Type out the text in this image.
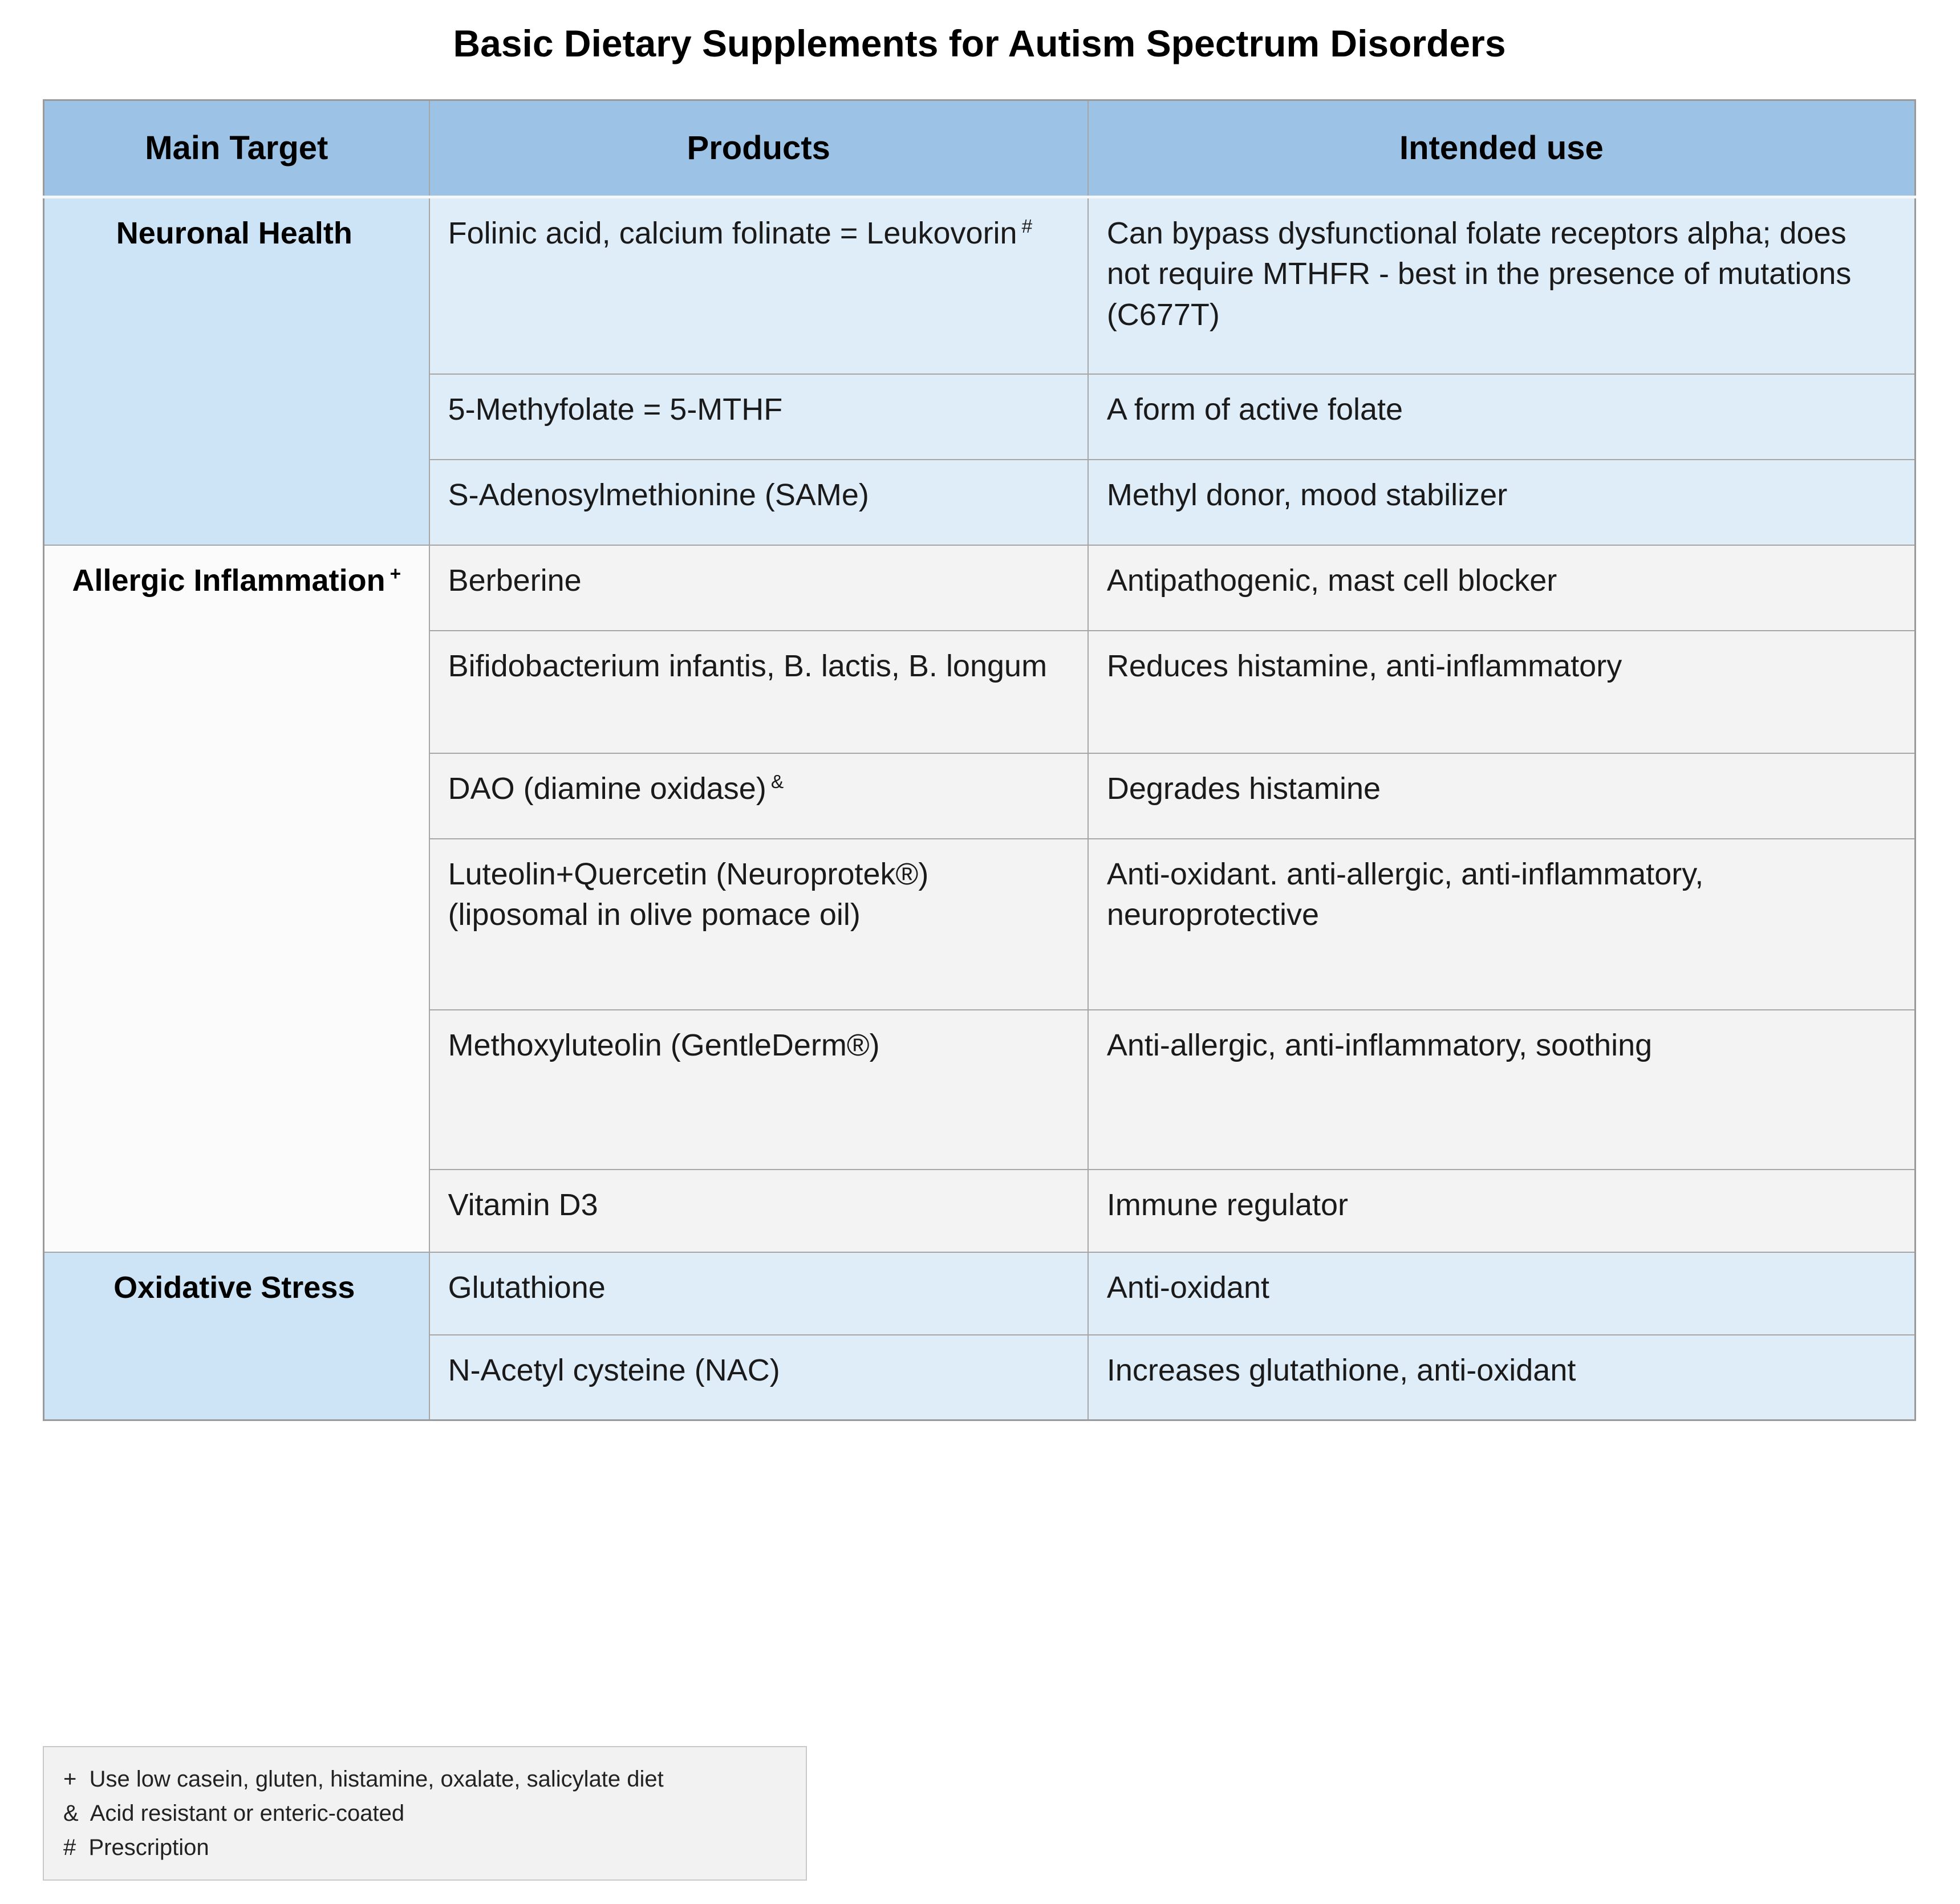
Basic Dietary Supplements for Autism Spectrum Disorders
Main Target	Products	Intended use
Neuronal Health	Folinic acid, calcium folinate = Leukovorin #	Can bypass dysfunctional folate receptors alpha; does not require MTHFR - best in the presence of mutations (C677T)
	5-Methyfolate = 5-MTHF	A form of active folate
	S-Adenosylmethionine (SAMe)	Methyl donor, mood stabilizer
Allergic Inflammation +	Berberine	Antipathogenic, mast cell blocker
	Bifidobacterium infantis, B. lactis, B. longum	Reduces histamine, anti-inflammatory
	DAO (diamine oxidase) &	Degrades histamine
	Luteolin+Quercetin (Neuroprotek®) (liposomal in olive pomace oil)	Anti-oxidant. anti-allergic, anti-inflammatory, neuroprotective
	Methoxyluteolin (GentleDerm®)	Anti-allergic, anti-inflammatory, soothing
	Vitamin D3	Immune regulator
Oxidative Stress	Glutathione	Anti-oxidant
	N-Acetyl cysteine (NAC)	Increases glutathione, anti-oxidant
+  Use low casein, gluten, histamine, oxalate, salicylate diet
&  Acid resistant or enteric-coated
#  Prescription
